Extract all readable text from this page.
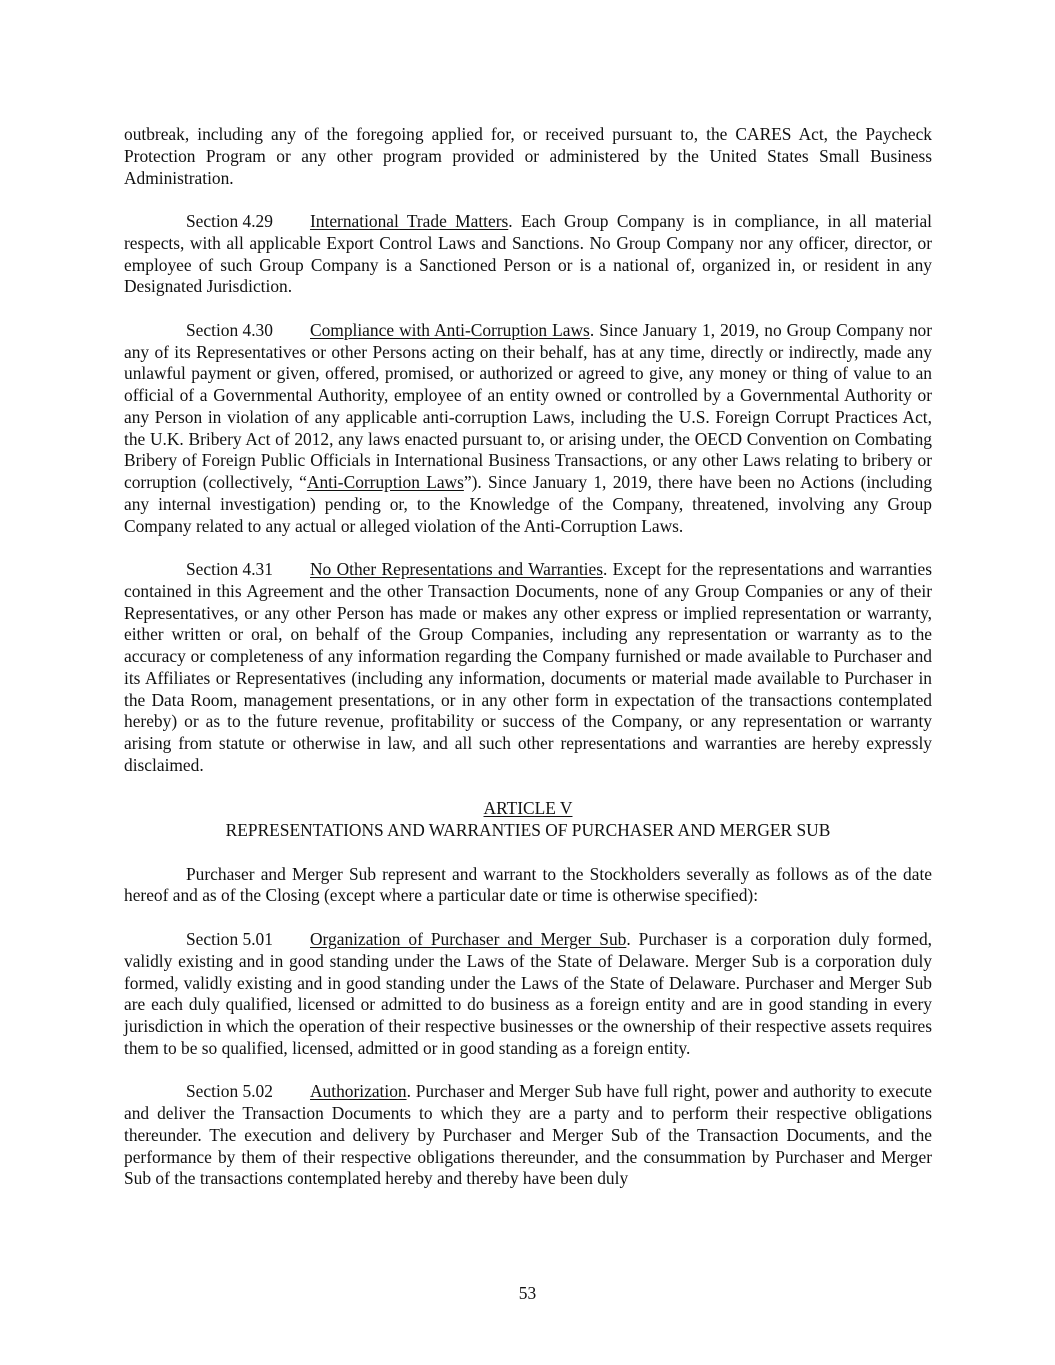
outbreak, including any of the foregoing applied for, or received pursuant to, the CARES Act, the Paycheck Protection Program or any other program provided or administered by the United States Small Business Administration.

Section 4.29 International Trade Matters. Each Group Company is in compliance, in all material respects, with all applicable Export Control Laws and Sanctions. No Group Company nor any officer, director, or employee of such Group Company is a Sanctioned Person or is a national of, organized in, or resident in any Designated Jurisdiction.

Section 4.30 Compliance with Anti-Corruption Laws. Since January 1, 2019, no Group Company nor any of its Representatives or other Persons acting on their behalf, has at any time, directly or indirectly, made any unlawful payment or given, offered, promised, or authorized or agreed to give, any money or thing of value to an official of a Governmental Authority, employee of an entity owned or controlled by a Governmental Authority or any Person in violation of any applicable anti-corruption Laws, including the U.S. Foreign Corrupt Practices Act, the U.K. Bribery Act of 2012, any laws enacted pursuant to, or arising under, the OECD Convention on Combating Bribery of Foreign Public Officials in International Business Transactions, or any other Laws relating to bribery or corruption (collectively, “Anti-Corruption Laws”). Since January 1, 2019, there have been no Actions (including any internal investigation) pending or, to the Knowledge of the Company, threatened, involving any Group Company related to any actual or alleged violation of the Anti-Corruption Laws.

Section 4.31 No Other Representations and Warranties. Except for the representations and warranties contained in this Agreement and the other Transaction Documents, none of any Group Companies or any of their Representatives, or any other Person has made or makes any other express or implied representation or warranty, either written or oral, on behalf of the Group Companies, including any representation or warranty as to the accuracy or completeness of any information regarding the Company furnished or made available to Purchaser and its Affiliates or Representatives (including any information, documents or material made available to Purchaser in the Data Room, management presentations, or in any other form in expectation of the transactions contemplated hereby) or as to the future revenue, profitability or success of the Company, or any representation or warranty arising from statute or otherwise in law, and all such other representations and warranties are hereby expressly disclaimed.

ARTICLE V
REPRESENTATIONS AND WARRANTIES OF PURCHASER AND MERGER SUB

Purchaser and Merger Sub represent and warrant to the Stockholders severally as follows as of the date hereof and as of the Closing (except where a particular date or time is otherwise specified):

Section 5.01 Organization of Purchaser and Merger Sub. Purchaser is a corporation duly formed, validly existing and in good standing under the Laws of the State of Delaware. Merger Sub is a corporation duly formed, validly existing and in good standing under the Laws of the State of Delaware. Purchaser and Merger Sub are each duly qualified, licensed or admitted to do business as a foreign entity and are in good standing in every jurisdiction in which the operation of their respective businesses or the ownership of their respective assets requires them to be so qualified, licensed, admitted or in good standing as a foreign entity.

Section 5.02 Authorization. Purchaser and Merger Sub have full right, power and authority to execute and deliver the Transaction Documents to which they are a party and to perform their respective obligations thereunder. The execution and delivery by Purchaser and Merger Sub of the Transaction Documents, and the performance by them of their respective obligations thereunder, and the consummation by Purchaser and Merger Sub of the transactions contemplated hereby and thereby have been duly

53
